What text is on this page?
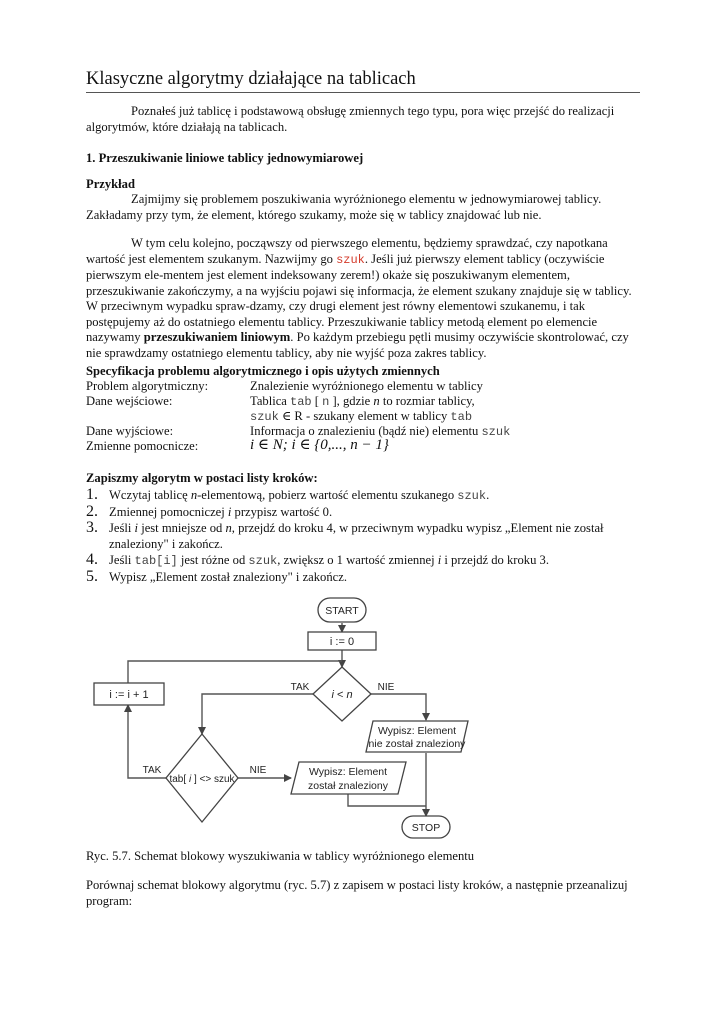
Klasyczne algorytmy działające na tablicach

Poznałeś już tablicę i podstawową obsługę zmiennych tego typu, pora więc przejść do realizacji algorytmów, które działają na tablicach.

1. Przeszukiwanie liniowe tablicy jednowymiarowej

Przykład

Zajmijmy się problemem poszukiwania wyróżnionego elementu w jednowymiarowej tablicy. Zakładamy przy tym, że element, którego szukamy, może się w tablicy znajdować lub nie.

W tym celu kolejno, począwszy od pierwszego elementu, będziemy sprawdzać, czy napotkana wartość jest elementem szukanym. Nazwijmy go szuk. Jeśli już pierwszy element tablicy (oczywiście pierwszym ele-mentem jest element indeksowany zerem!) okaże się poszukiwanym elementem, przeszukiwanie zakończymy, a na wyjściu pojawi się informacja, że element szukany znajduje się w tablicy. W przeciwnym wypadku spraw-dzamy, czy drugi element jest równy elementowi szukanemu, i tak postępujemy aż do ostatniego elementu tablicy. Przeszukiwanie tablicy metodą element po elemencie nazywamy przeszukiwaniem liniowym. Po każdym przebiegu pętli musimy oczywiście skontrolować, czy nie sprawdzamy ostatniego elementu tablicy, aby nie wyjść poza zakres tablicy.

Specyfikacja problemu algorytmicznego i opis użytych zmiennych

Problem algorytmiczny:	Znalezienie wyróżnionego elementu w tablicy
Dane wejściowe:	Tablica tab [ n ], gdzie n to rozmiar tablicy,
szuk ∈ R - szukany element w tablicy tab
Dane wyjściowe:	Informacja o znalezieniu (bądź nie) elementu szuk
Zmienne pomocnicze:	i ∈ N; i ∈ {0,..., n − 1}

Zapiszmy algorytm w postaci listy kroków:

1. Wczytaj tablicę n-elementową, pobierz wartość elementu szukanego szuk.
2. Zmiennej pomocniczej i przypisz wartość 0.
3. Jeśli i jest mniejsze od n, przejdź do kroku 4, w przeciwnym wypadku wypisz „Element nie został znaleziony" i zakończ.
4. Jeśli tab[i] jest różne od szuk, zwiększ o 1 wartość zmiennej i i przejdź do kroku 3.
5. Wypisz „Element został znaleziony" i zakończ.
START
i := 0
i < n
TAK	NIE
i := i + 1
Wypisz: Element
nie został znaleziony
tab[ i ] <> szuk
TAK	NIE	Wypisz: Element
został znaleziony
STOP
Ryc. 5.7. Schemat blokowy wyszukiwania w tablicy wyróżnionego elementu

Porównaj schemat blokowy algorytmu (ryc. 5.7) z zapisem w postaci listy kroków, a następnie przeanalizuj program:
